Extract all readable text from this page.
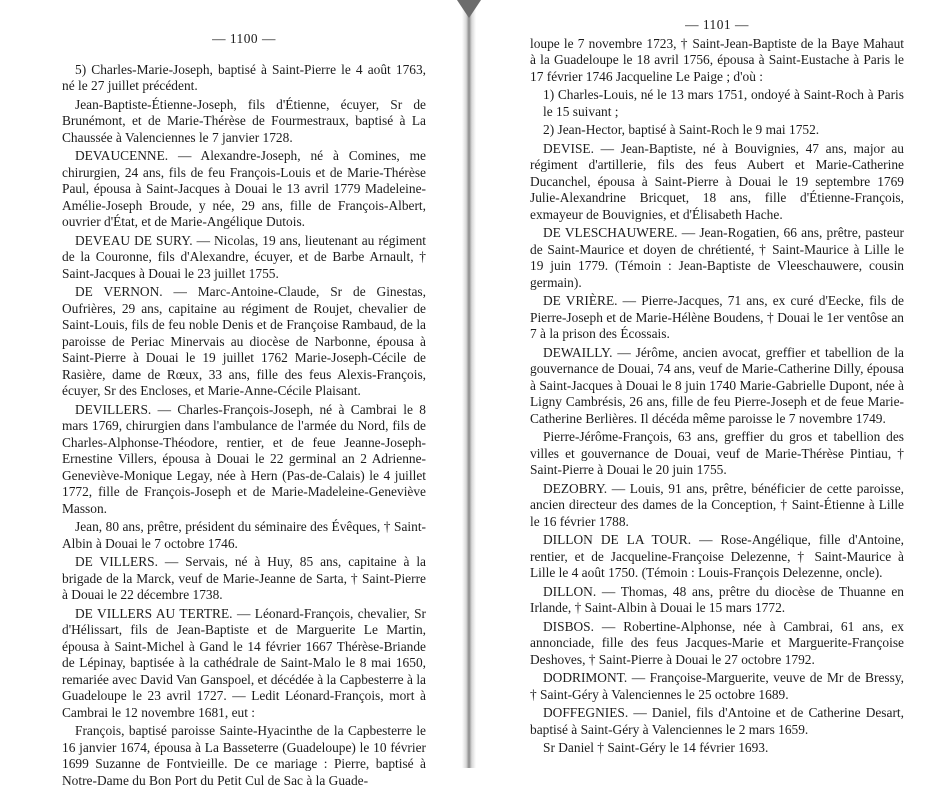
— 1100 —

5) Charles-Marie-Joseph, baptisé à Saint-Pierre le 4 août 1763, né le 27 juillet précédent.

Jean-Baptiste-Étienne-Joseph, fils d'Étienne, écuyer, Sr de Brunémont, et de Marie-Thérèse de Fourmestraux, baptisé à La Chaussée à Valenciennes le 7 janvier 1728.

DEVAUCENNE. — Alexandre-Joseph, né à Comines, me chirurgien, 24 ans, fils de feu François-Louis et de Marie-Thérèse Paul, épousa à Saint-Jacques à Douai le 13 avril 1779 Madeleine-Amélie-Joseph Broude, y née, 29 ans, fille de François-Albert, ouvrier d'État, et de Marie-Angélique Dutois.

DEVEAU DE SURY. — Nicolas, 19 ans, lieutenant au régiment de la Couronne, fils d'Alexandre, écuyer, et de Barbe Arnault, † Saint-Jacques à Douai le 23 juillet 1755.

DE VERNON. — Marc-Antoine-Claude, Sr de Ginestas, Oufrières, 29 ans, capitaine au régiment de Roujet, chevalier de Saint-Louis, fils de feu noble Denis et de Françoise Rambaud, de la paroisse de Periac Minervais au diocèse de Narbonne, épousa à Saint-Pierre à Douai le 19 juillet 1762 Marie-Joseph-Cécile de Rasière, dame de Rœux, 33 ans, fille des feus Alexis-François, écuyer, Sr des Encloses, et Marie-Anne-Cécile Plaisant.

DEVILLERS. — Charles-François-Joseph, né à Cambrai le 8 mars 1769, chirurgien dans l'ambulance de l'armée du Nord, fils de Charles-Alphonse-Théodore, rentier, et de feue Jeanne-Joseph-Ernestine Villers, épousa à Douai le 22 germinal an 2 Adrienne-Geneviève-Monique Legay, née à Hern (Pas-de-Calais) le 4 juillet 1772, fille de François-Joseph et de Marie-Madeleine-Geneviève Masson.

Jean, 80 ans, prêtre, président du séminaire des Évêques, † Saint-Albin à Douai le 7 octobre 1746.

DE VILLERS. — Servais, né à Huy, 85 ans, capitaine à la brigade de la Marck, veuf de Marie-Jeanne de Sarta, † Saint-Pierre à Douai le 22 décembre 1738.

DE VILLERS AU TERTRE. — Léonard-François, chevalier, Sr d'Hélissart, fils de Jean-Baptiste et de Marguerite Le Martin, épousa à Saint-Michel à Gand le 14 février 1667 Thérèse-Briande de Lépinay, baptisée à la cathédrale de Saint-Malo le 8 mai 1650, remariée avec David Van Ganspoel, et décédée à la Capbesterre à la Guadeloupe le 23 avril 1727. — Ledit Léonard-François, mort à Cambrai le 12 novembre 1681, eut :

François, baptisé paroisse Sainte-Hyacinthe de la Capbesterre le 16 janvier 1674, épousa à La Basseterre (Guadeloupe) le 10 février 1699 Suzanne de Fontvieille. De ce mariage : Pierre, baptisé à Notre-Dame du Bon Port du Petit Cul de Sac à la Guade-

— 1101 —

loupe le 7 novembre 1723, † Saint-Jean-Baptiste de la Baye Mahaut à la Guadeloupe le 18 avril 1756, épousa à Saint-Eustache à Paris le 17 février 1746 Jacqueline Le Paige ; d'où :

1) Charles-Louis, né le 13 mars 1751, ondoyé à Saint-Roch à Paris le 15 suivant ;

2) Jean-Hector, baptisé à Saint-Roch le 9 mai 1752.

DEVISE. — Jean-Baptiste, né à Bouvignies, 47 ans, major au régiment d'artillerie, fils des feus Aubert et Marie-Catherine Ducanchel, épousa à Saint-Pierre à Douai le 19 septembre 1769 Julie-Alexandrine Bricquet, 18 ans, fille d'Étienne-François, exmayeur de Bouvignies, et d'Élisabeth Hache.

DE VLESCHAUWERE. — Jean-Rogatien, 66 ans, prêtre, pasteur de Saint-Maurice et doyen de chrétienté, † Saint-Maurice à Lille le 19 juin 1779. (Témoin : Jean-Baptiste de Vleeschauwere, cousin germain).

DE VRIÈRE. — Pierre-Jacques, 71 ans, ex curé d'Eecke, fils de Pierre-Joseph et de Marie-Hélène Boudens, † Douai le 1er ventôse an 7 à la prison des Écossais.

DEWAILLY. — Jérôme, ancien avocat, greffier et tabellion de la gouvernance de Douai, 74 ans, veuf de Marie-Catherine Dilly, épousa à Saint-Jacques à Douai le 8 juin 1740 Marie-Gabrielle Dupont, née à Ligny Cambrésis, 26 ans, fille de feu Pierre-Joseph et de feue Marie-Catherine Berlières. Il décéda même paroisse le 7 novembre 1749.

Pierre-Jérôme-François, 63 ans, greffier du gros et tabellion des villes et gouvernance de Douai, veuf de Marie-Thérèse Pintiau, † Saint-Pierre à Douai le 20 juin 1755.

DEZOBRY. — Louis, 91 ans, prêtre, bénéficier de cette paroisse, ancien directeur des dames de la Conception, † Saint-Étienne à Lille le 16 février 1788.

DILLON DE LA TOUR. — Rose-Angélique, fille d'Antoine, rentier, et de Jacqueline-Françoise Delezenne, † Saint-Maurice à Lille le 4 août 1750. (Témoin : Louis-François Delezenne, oncle).

DILLON. — Thomas, 48 ans, prêtre du diocèse de Thuanne en Irlande, † Saint-Albin à Douai le 15 mars 1772.

DISBOS. — Robertine-Alphonse, née à Cambrai, 61 ans, ex annonciade, fille des feus Jacques-Marie et Marguerite-Françoise Deshoves, † Saint-Pierre à Douai le 27 octobre 1792.

DODRIMONT. — Françoise-Marguerite, veuve de Mr de Bressy, † Saint-Géry à Valenciennes le 25 octobre 1689.

DOFFEGNIES. — Daniel, fils d'Antoine et de Catherine Desart, baptisé à Saint-Géry à Valenciennes le 2 mars 1659.

Sr Daniel † Saint-Géry le 14 février 1693.
